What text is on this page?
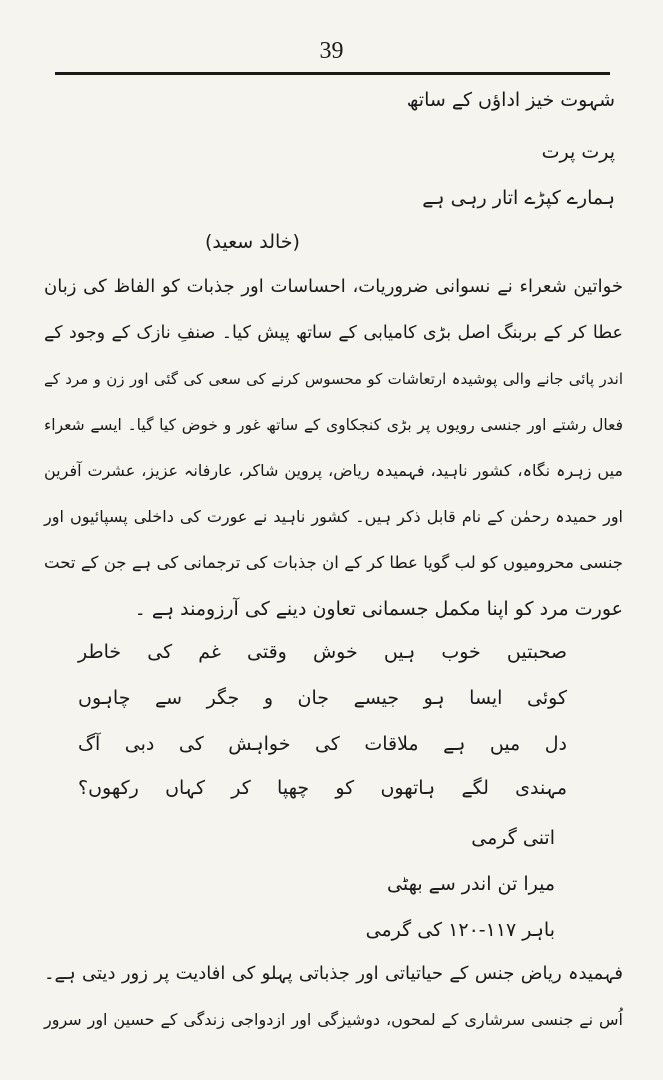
39
شہوت خیز اداؤں کے ساتھ
پرت پرت
ہمارے کپڑے اتار رہی ہے
(خالد سعید)
خواتین شعراء نے نسوانی ضروریات، احساسات اور جذبات کو الفاظ کی زبان
عطا کر کے بربنگ اصل بڑی کامیابی کے ساتھ پیش کیا۔ صنفِ نازک کے وجود کے
اندر پائی جانے والی پوشیدہ ارتعاشات کو محسوس کرنے کی سعی کی گئی اور زن و مرد کے
فعال رشتے اور جنسی رویوں پر بڑی کنجکاوی کے ساتھ غور و خوض کیا گیا۔ ایسے شعراء
میں زہرہ نگاہ، کشور ناہید، فہمیدہ ریاض، پروین شاکر، عارفانہ عزیز، عشرت آفرین
اور حمیدہ رحمٰن کے نام قابل ذکر ہیں۔ کشور ناہید نے عورت کی داخلی پسپائیوں اور
جنسی محرومیوں کو لب گویا عطا کر کے ان جذبات کی ترجمانی کی ہے جن کے تحت
عورت مرد کو اپنا مکمل جسمانی تعاون دینے کی آرزومند ہے ۔
صحبتیں خوب ہیں خوش وقتی غم کی خاطر
کوئی ایسا ہو جیسے جان و جگر سے چاہوں
دل میں ہے ملاقات کی خواہش کی دبی آگ
مہندی لگے ہاتھوں کو چھپا کر کہاں رکھوں؟
اتنی گرمی
میرا تن اندر سے بھٹی
باہر ۱۱۷-۱۲۰ کی گرمی
فہمیدہ ریاض جنس کے حیاتیاتی اور جذباتی پہلو کی افادیت پر زور دیتی ہے۔
اُس نے جنسی سرشاری کے لمحوں، دوشیزگی اور ازدواجی زندگی کے حسین اور سرور
